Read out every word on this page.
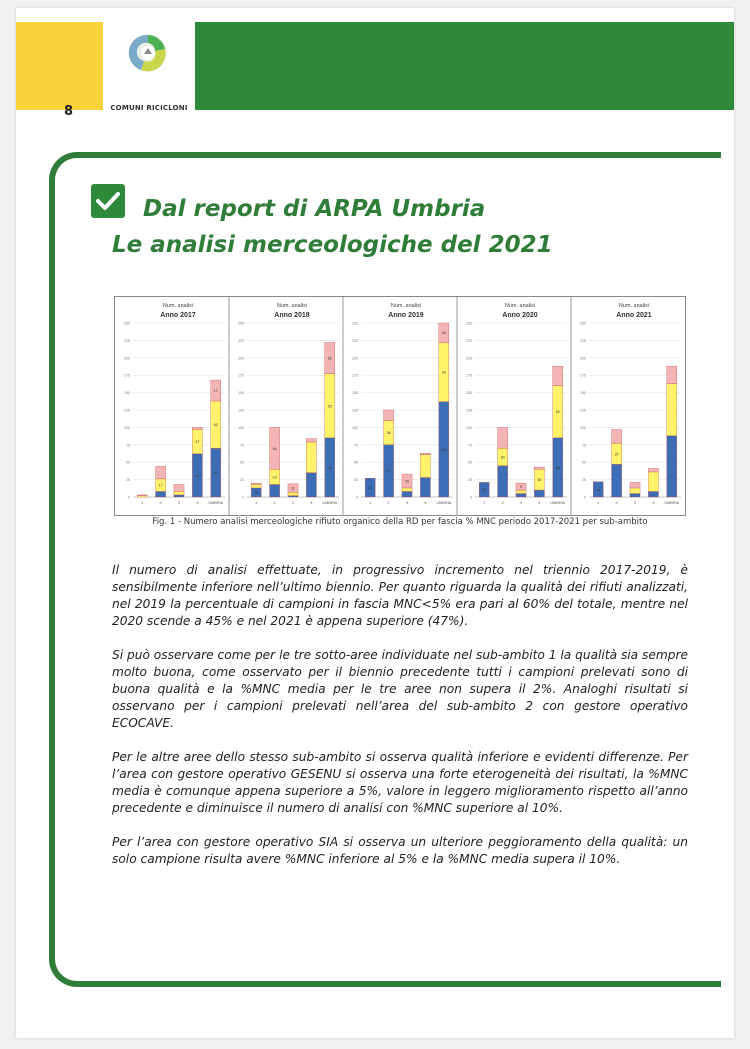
8	COMUNI RICICLONI
Dal report di ARPA Umbria
Le analisi merceologiche del 2021
Num. analisi
Anno 2017
0
25
50
75
100
125
150
175
200
225
250
1
17
2	3
30
37
4
44
62
17
UMBRIA
Num. analisi
Anno 2018
0
25
50
75
100
125
150
175
200
225
250
15
1
19
44
2
11
3	4
34
53
62
UMBRIA
Num. analisi
Anno 2019
0
25
50
75
100
125
150
175
200
225
250
26
1
71
36
2
15
3	4
121
93
42
UMBRIA
Num. analisi
Anno 2020
0
25
50
75
100
125
150
175
200
225
250
23
1
20
2
9
3
30
4
49
62
UMBRIA
Num. analisi
Anno 2021
0
25
50
75
100
125
150
175
200
225
250
14
1
37
2	3	4	UMBRIA
Fig. 1 - Numero analisi merceologiche rifiuto organico della RD per fascia % MNC periodo 2017-2021 per sub-ambito

Il numero di analisi effettuate, in progressivo incremento nel triennio 2017-2019, è sensibilmente inferiore nell’ultimo biennio. Per quanto riguarda la qualità dei rifiuti analizzati, nel 2019 la percentuale di campioni in fascia MNC<5% era pari al 60% del totale, mentre nel 2020 scende a 45% e nel 2021 è appena superiore (47%).

Si può osservare come per le tre sotto-aree individuate nel sub-ambito 1 la qualità sia sempre molto buona, come osservato per il biennio precedente tutti i campioni prelevati sono di buona qualità e la %MNC media per le tre aree non supera il 2%. Analoghi risultati si osservano per i campioni prelevati nell’area del sub-ambito 2 con gestore operativo ECOCAVE.

Per le altre aree dello stesso sub-ambito si osserva qualità inferiore e evidenti differenze. Per l’area con gestore operativo GESENU si osserva una forte eterogeneità dei risultati, la %MNC media è comunque appena superiore a 5%, valore in leggero miglioramento rispetto all’anno precedente e diminuisce il numero di analisi con %MNC superiore al 10%.

Per l’area con gestore operativo SIA si osserva un ulteriore peggioramento della qualità: un solo campione risulta avere %MNC inferiore al 5% e la %MNC media supera il 10%.
